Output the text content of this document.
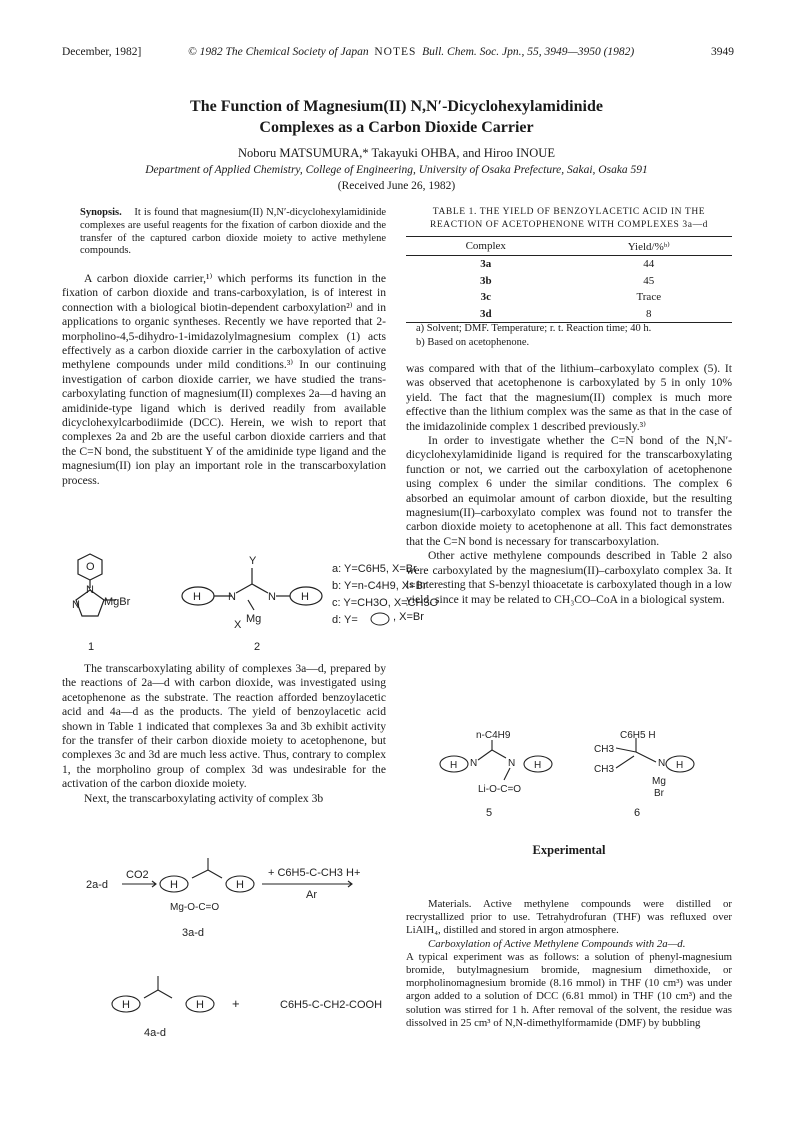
December, 1982]	© 1982 The Chemical Society of Japan NOTES Bull. Chem. Soc. Jpn., 55, 3949—3950 (1982)	3949
The Function of Magnesium(II) N,N′-Dicyclohexylamidinide
Complexes as a Carbon Dioxide Carrier
Noboru MATSUMURA,* Takayuki OHBA, and Hiroo INOUE
Department of Applied Chemistry, College of Engineering, University of Osaka Prefecture, Sakai, Osaka 591
(Received June 26, 1982)
Synopsis. It is found that magnesium(II) N,N′-dicyclohexylamidinide complexes are useful reagents for the fixation of carbon dioxide and the transfer of the captured carbon dioxide moiety to active methylene compounds.

A carbon dioxide carrier,¹⁾ which performs its function in the fixation of carbon dioxide and trans-carboxylation, is of interest in connection with a biological biotin-dependent carboxylation²⁾ and in applications to organic syntheses. Recently we have reported that 2-morpholino-4,5-dihydro-1-imidazolylmagnesium complex (1) acts effectively as a carbon dioxide carrier in the carboxylation of active methylene compounds under mild conditions.³⁾ In our continuing investigation of carbon dioxide carrier, we have studied the trans-carboxylating function of magnesium(II) complexes 2a—d having an amidinide-type ligand which is derived readily from available dicyclohexylcarbodiimide (DCC). Herein, we wish to report that complexes 2a and 2b are the useful carbon dioxide carriers and that the C=N bond, the substituent Y of the amidinide type ligand and the magnesium(II) ion play an important role in the transcarboxylation process.

O
N
N MgBr	H N
Y
N H
Mg
X
1	2
a: Y=C6H5, X=Br
b: Y=n-C4H9, X=Br
c: Y=CH3O, X=CH3O
d: Y=	, X=Br

The transcarboxylating ability of complexes 3a—d, prepared by the reactions of 2a—d with carbon dioxide, was investigated using acetophenone as the substrate. The reaction afforded benzoylacetic acid and 4a—d as the products. The yield of benzoylacetic acid shown in Table 1 indicated that complexes 3a and 3b exhibit activity for the transfer of their carbon dioxide moiety to acetophenone, but complexes 3c and 3d are much less active. Thus, contrary to complex 1, the morpholino group of complex 3d was undesirable for the activation of the carbon dioxide moiety.

Next, the transcarboxylating activity of complex 3b

2a-d
CO2
H	H
Mg-O-C=O
3a-d
+ C6H5-C-CH3 H+
Ar
H	H +	C6H5-C-CH2-COOH
4a-d
TABLE 1. THE YIELD OF BENZOYLACETIC ACID IN THE
REACTION OF ACETOPHENONE WITH COMPLEXES 3a—d
Complex	Yield/%ᵇ⁾
3a	44
3b	45
3c	Trace
3d	8
a) Solvent; DMF. Temperature; r. t. Reaction time; 40 h.
b) Based on acetophenone.

was compared with that of the lithium–carboxylato complex (5). It was observed that acetophenone is carboxylated by 5 in only 10% yield. The fact that the magnesium(II) complex is much more effective than the lithium complex was the same as that in the case of the imidazolinide complex 1 described previously.³⁾

In order to investigate whether the C=N bond of the N,N′-dicyclohexylamidinide ligand is required for the transcarboxylating function or not, we carried out the carboxylation of acetophenone using complex 6 under the similar conditions. The complex 6 absorbed an equimolar amount of carbon dioxide, but the resulting magnesium(II)–carboxylato complex was found not to transfer the carbon dioxide moiety to acetophenone at all. This fact demonstrates that the C=N bond is necessary for transcarboxylation.

Other active methylene compounds described in Table 2 also were carboxylated by the magnesium(II)–carboxylato complex 3a. It is interesting that S-benzyl thioacetate is carboxylated though in a low yield, since it may be related to CH₃CO–CoA in a biological system.

n-C4H9
H N	N H
Li-O-C=O
5
C6H5 H
CH3
CH3
N H
Mg
Br
6
Experimental

Materials. Active methylene compounds were distilled or recrystallized prior to use. Tetrahydrofuran (THF) was refluxed over LiAlH₄, distilled and stored in argon atmosphere.

Carboxylation of Active Methylene Compounds with 2a—d.

A typical experiment was as follows: a solution of phenyl-magnesium bromide, butylmagnesium bromide, magnesium dimethoxide, or morpholinomagnesium bromide (8.16 mmol) in THF (10 cm³) was under argon added to a solution of DCC (6.81 mmol) in THF (10 cm³) and the solution was stirred for 1 h. After removal of the solvent, the residue was dissolved in 25 cm³ of N,N-dimethylformamide (DMF) by bubbling
